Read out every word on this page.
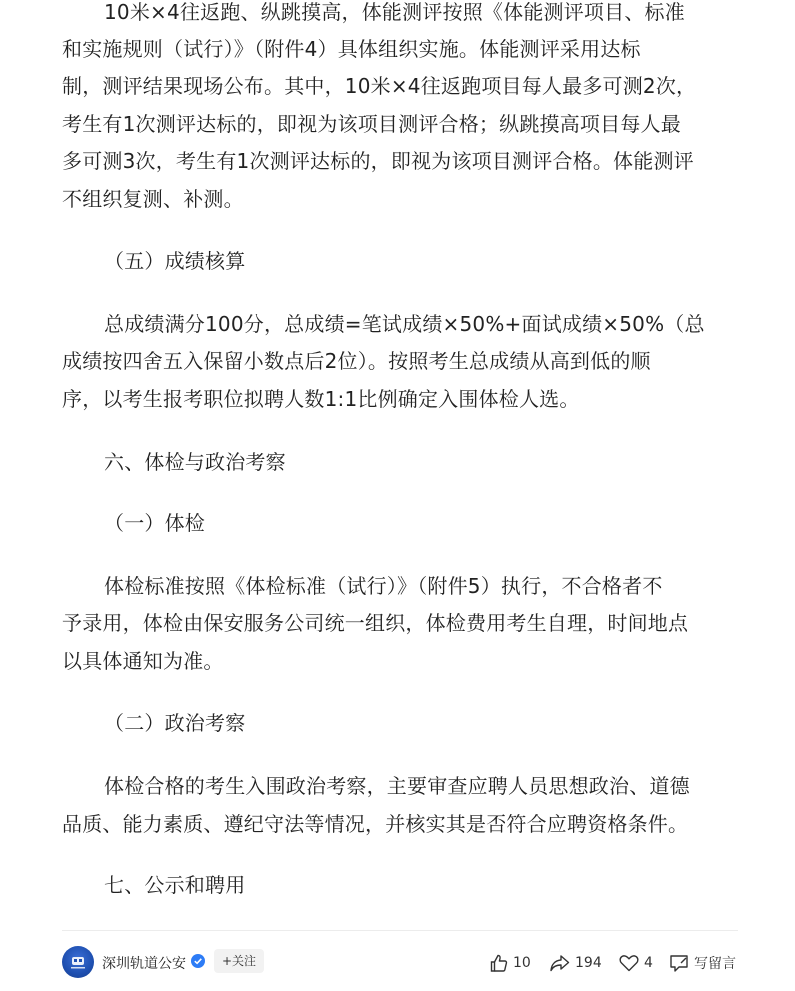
10米×4往返跑、纵跳摸高，体能测评按照《体能测评项目、标准
和实施规则（试行）》（附件4）具体组织实施。体能测评采用达标
制，测评结果现场公布。其中，10米×4往返跑项目每人最多可测2次，
考生有1次测评达标的，即视为该项目测评合格；纵跳摸高项目每人最
多可测3次，考生有1次测评达标的，即视为该项目测评合格。体能测评
不组织复测、补测。
（五）成绩核算
总成绩满分100分，总成绩=笔试成绩×50%+面试成绩×50%（总
成绩按四舍五入保留小数点后2位）。按照考生总成绩从高到低的顺
序，以考生报考职位拟聘人数1:1比例确定入围体检人选。
六、体检与政治考察
（一）体检
体检标准按照《体检标准（试行）》（附件5）执行，不合格者不
予录用，体检由保安服务公司统一组织，体检费用考生自理，时间地点
以具体通知为准。
（二）政治考察
体检合格的考生入围政治考察，主要审查应聘人员思想政治、道德
品质、能力素质、遵纪守法等情况，并核实其是否符合应聘资格条件。
七、公示和聘用
深圳轨道公安	+关注	10	194	4	写留言
